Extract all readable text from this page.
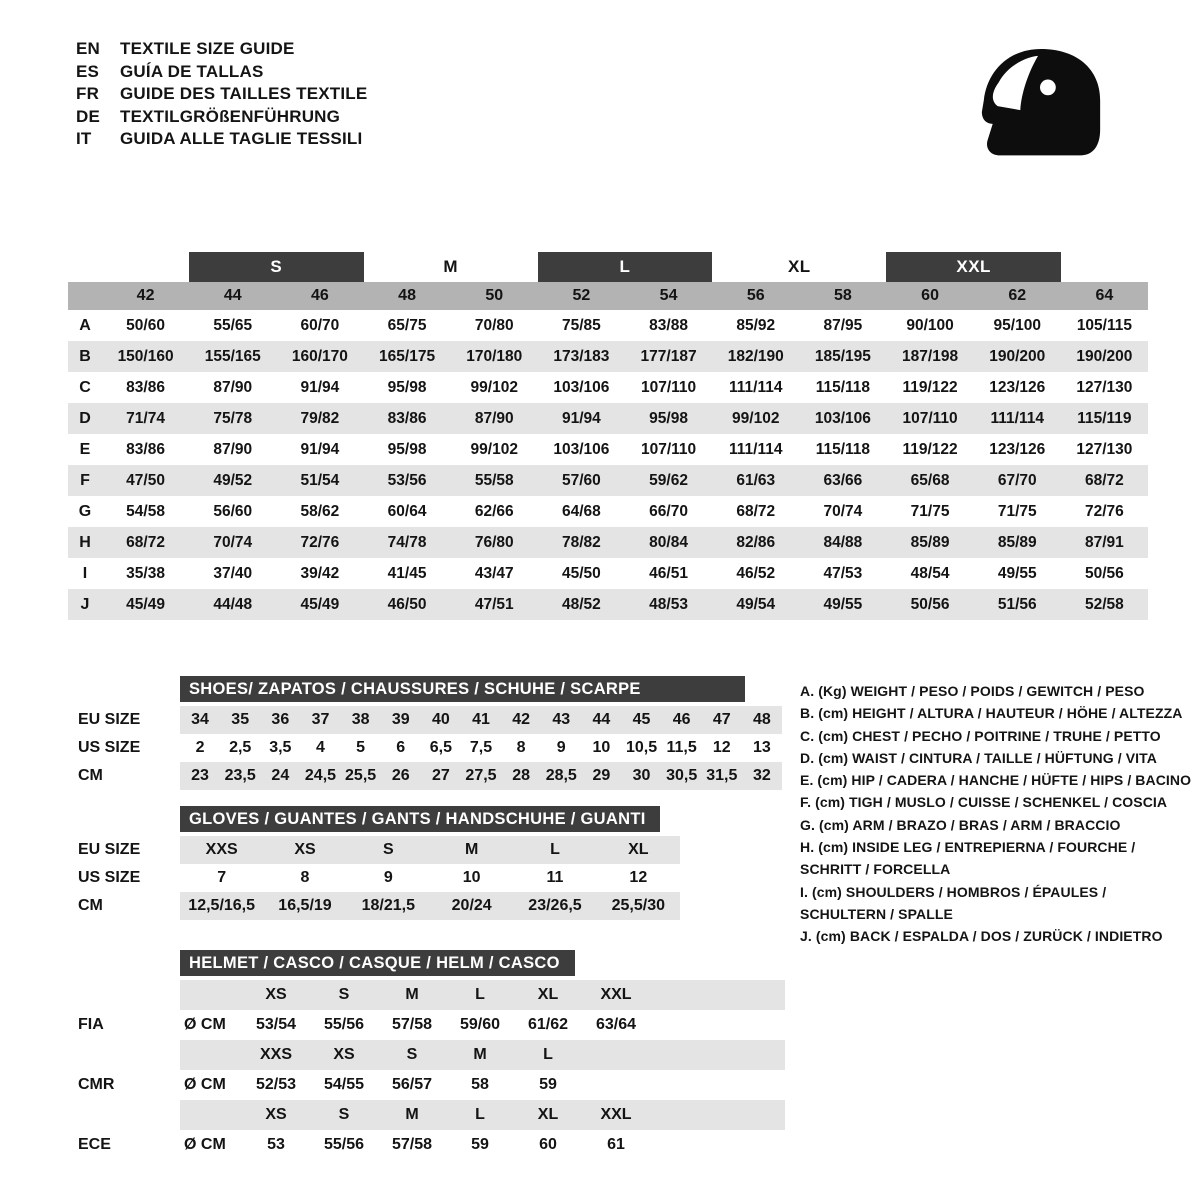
EN	TEXTILE SIZE GUIDE
ES	GUÍA DE TALLAS
FR	GUIDE DES TAILLES TEXTILE
DE	TEXTILGRÖßENFÜHRUNG
IT	GUIDA ALLE TAGLIE TESSILI
S	M	L	XL	XXL
42	44	46	48	50	52	54	56	58	60	62	64
A	50/60	55/65	60/70	65/75	70/80	75/85	83/88	85/92	87/95	90/100	95/100	105/115
B	150/160	155/165	160/170	165/175	170/180	173/183	177/187	182/190	185/195	187/198	190/200	190/200
C	83/86	87/90	91/94	95/98	99/102	103/106	107/110	111/114	115/118	119/122	123/126	127/130
D	71/74	75/78	79/82	83/86	87/90	91/94	95/98	99/102	103/106	107/110	111/114	115/119
E	83/86	87/90	91/94	95/98	99/102	103/106	107/110	111/114	115/118	119/122	123/126	127/130
F	47/50	49/52	51/54	53/56	55/58	57/60	59/62	61/63	63/66	65/68	67/70	68/72
G	54/58	56/60	58/62	60/64	62/66	64/68	66/70	68/72	70/74	71/75	71/75	72/76
H	68/72	70/74	72/76	74/78	76/80	78/82	80/84	82/86	84/88	85/89	85/89	87/91
I	35/38	37/40	39/42	41/45	43/47	45/50	46/51	46/52	47/53	48/54	49/55	50/56
J	45/49	44/48	45/49	46/50	47/51	48/52	48/53	49/54	49/55	50/56	51/56	52/58
SHOES/ ZAPATOS / CHAUSSURES / SCHUHE / SCARPE
EU SIZE	34	35	36	37	38	39	40	41	42	43	44	45	46	47	48
US SIZE	2	2,5	3,5	4	5	6	6,5	7,5	8	9	10 10,5 11,5	12	13
CM	23 23,5 24 24,5 25,5 26	27 27,5 28 28,5 29	30 30,5 31,5 32
GLOVES / GUANTES / GANTS / HANDSCHUHE / GUANTI
EU SIZE	XXS	XS	S	M	L	XL
US SIZE	7	8	9	10	11	12
CM	12,5/16,5	16,5/19	18/21,5	20/24	23/26,5	25,5/30
HELMET / CASCO / CASQUE / HELM / CASCO
XS	S	M	L	XL	XXL
FIA	Ø CM	53/54	55/56	57/58	59/60	61/62	63/64
XXS	XS	S	M	L
CMR	Ø CM	52/53	54/55	56/57	58	59
XS	S	M	L	XL	XXL
ECE	Ø CM	53	55/56	57/58	59	60	61
A. (Kg) WEIGHT / PESO / POIDS / GEWITCH / PESO
B. (cm) HEIGHT / ALTURA / HAUTEUR / HÖHE / ALTEZZA
C. (cm) CHEST / PECHO / POITRINE / TRUHE / PETTO
D. (cm) WAIST / CINTURA / TAILLE / HÜFTUNG / VITA
E. (cm) HIP / CADERA / HANCHE / HÜFTE / HIPS / BACINO
F. (cm) TIGH / MUSLO / CUISSE / SCHENKEL / COSCIA
G. (cm) ARM / BRAZO / BRAS / ARM / BRACCIO
H. (cm) INSIDE LEG / ENTREPIERNA / FOURCHE /
SCHRITT / FORCELLA
I. (cm) SHOULDERS / HOMBROS / ÉPAULES /
SCHULTERN / SPALLE
J. (cm) BACK / ESPALDA / DOS / ZURÜCK / INDIETRO
